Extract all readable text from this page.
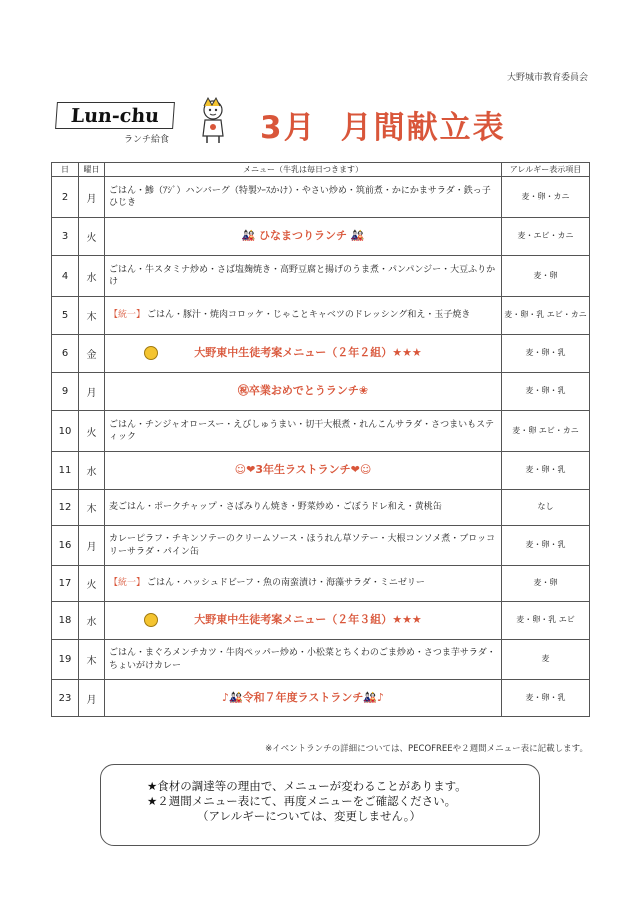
大野城市教育委員会
Lun-chu
ランチ給食	3月 月間献立表
日	曜日	メニュー（牛乳は毎日つきます）	アレルギー表示項目
2	月	ごはん・鯵（ｱｼﾞ）ハンバーグ（特製ｿｰｽかけ）・やさい炒め・筑前煮・かにかまサラダ・鉄っ子ひじき	麦・卵・カニ
3	火	🎎 ひなまつりランチ 🎎	麦・エビ・カニ
4	水	ごはん・牛スタミナ炒め・さば塩麹焼き・高野豆腐と揚げのうま煮・パンパンジー・大豆ふりかけ	麦・卵
5	木	【統一】 ごはん・豚汁・焼肉コロッケ・じゃことキャベツのドレッシング和え・玉子焼き	麦・卵・乳 エビ・カニ
6	金	大野東中生徒考案メニュー（２年２組）★★★	麦・卵・乳
9	月	㊗卒業おめでとうランチ❀	麦・卵・乳
10	火	ごはん・チンジャオロースー・えびしゅうまい・切干大根煮・れんこんサラダ・さつまいもスティック	麦・卵 エビ・カニ
11	水	☺❤3年生ラストランチ❤☺	麦・卵・乳
12	木	麦ごはん・ポークチャップ・さばみりん焼き・野菜炒め・ごぼうドレ和え・黄桃缶	なし
16	月	カレーピラフ・チキンソテーのクリームソース・ほうれん草ソテー・大根コンソメ煮・ブロッコリーサラダ・パイン缶	麦・卵・乳
17	火	【統一】 ごはん・ハッシュドビーフ・魚の南蛮漬け・海藻サラダ・ミニゼリー	麦・卵
18	水	大野東中生徒考案メニュー（２年３組）★★★	麦・卵・乳 エビ
19	木	ごはん・まぐろメンチカツ・牛肉ペッパー炒め・小松菜とちくわのごま炒め・さつま芋サラダ・ちょいがけカレー	麦
23	月	♪🎎令和７年度ラストランチ🎎♪	麦・卵・乳
※イベントランチの詳細については、PECOFREEや２週間メニュー表に記載します。
★食材の調達等の理由で、メニューが変わることがあります。
★２週間メニュー表にて、再度メニューをご確認ください。
（アレルギーについては、変更しません。）
